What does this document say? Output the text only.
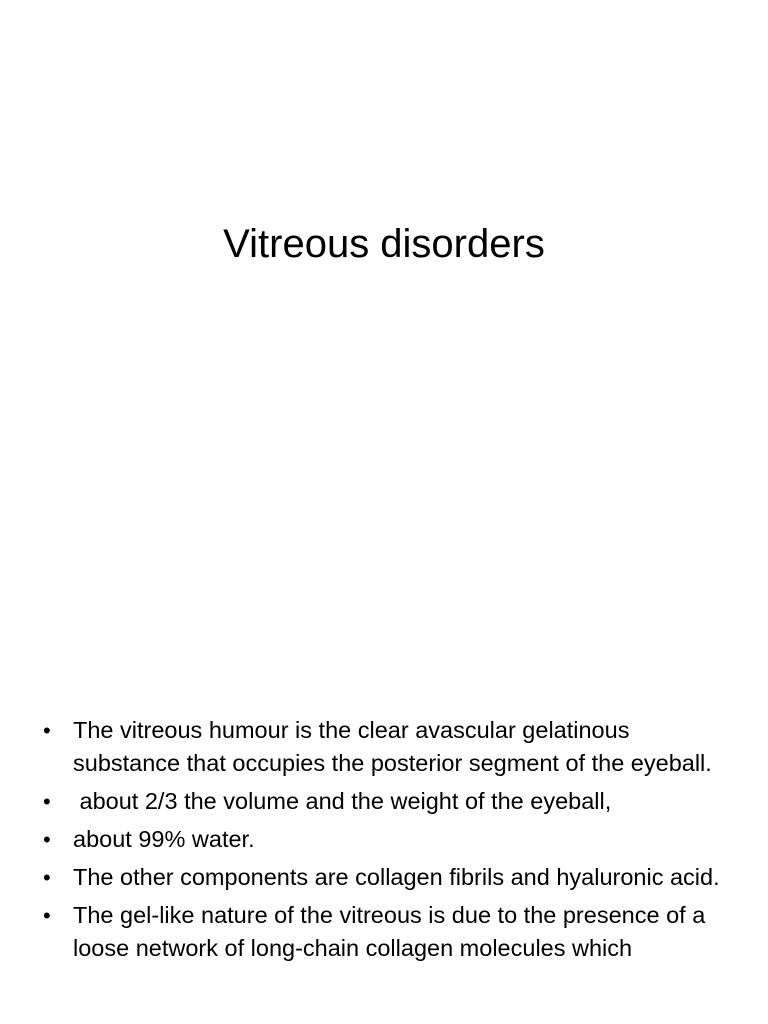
Vitreous disorders
• The vitreous humour is the clear avascular gelatinous substance that occupies the posterior segment of the eyeball.
• about 2/3 the volume and the weight of the eyeball,
• about 99% water.
• The other components are collagen fibrils and hyaluronic acid.
• The gel-like nature of the vitreous is due to the presence of a loose network of long-chain collagen molecules which
